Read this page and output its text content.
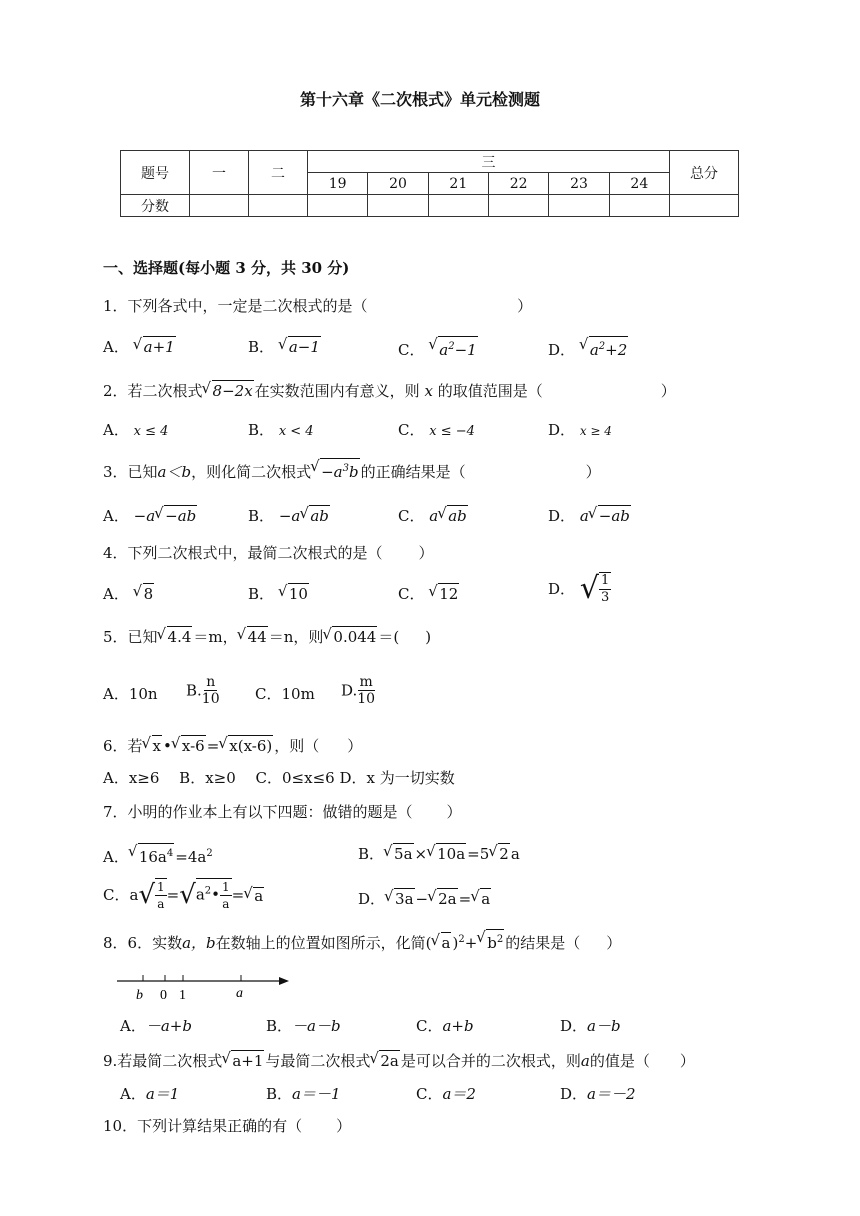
第十六章《二次根式》单元检测题
题号	一	二	三						总分
			19	20	21	22	23	24	
分数									
一、选择题(每小题 3 分，共 30 分)
1．下列各式中，一定是二次根式的是（	）
A． √ a+1	B． √ a−1	C． √ $a^2-1$	D． √ $a^2+2$
2．若二次根式 √ 8−2x 在实数范围内有意义，则 x 的取值范围是（	）
A． x ≤ 4	B． x < 4	C． x ≤ −4	D． x ≥ 4
3．已知a＜b，则化简二次根式 √ $-a^3b$ 的正确结果是（	）
A． −a √ −ab	B． −a √ ab	C． a √ ab	D． a √ −ab
4．下列二次根式中，最简二次根式的是（ ）
A． √ 8	B． √ 10	C． √ 12	D． √ $\frac{1}{3}$
5．已知 √ 4.4 ＝m， √ 44 ＝n，则 √ 0.044 ＝( )
A．10n B. $\frac{n}{10}$ C．10m D. $\frac{m}{10}$
6．若 √ x • √ x-6 = √ x(x-6) ，则（ ）
A．x≥6　 B．x≥0　 C．0≤x≤6 D．x 为一切实数
7．小明的作业本上有以下四题：做错的题是（ ）
A． √ $16a^4 =4a^2$	B． √ 5a × √ 10a =5 √ 2 a
C．$a√ \frac{1}{a}$ $=√a^2• \frac{1}{a}$ = √ a	D． √ 3a − √ 2a = √ a
8．6．实数a，b在数轴上的位置如图所示，化简( √ a )$^2$+ √ $b^2$ 的结果是（ ）
b 0 1	a
A．－a+b	B．－a－b	C．a+b	D．a－b
9.若最简二次根式 √ a+1 与最简二次根式 √ 2a 是可以合并的二次根式，则a的值是（ ）
A．a＝1	B．a＝－1	C．a＝2	D．a＝－2
10．下列计算结果正确的有（ ）
